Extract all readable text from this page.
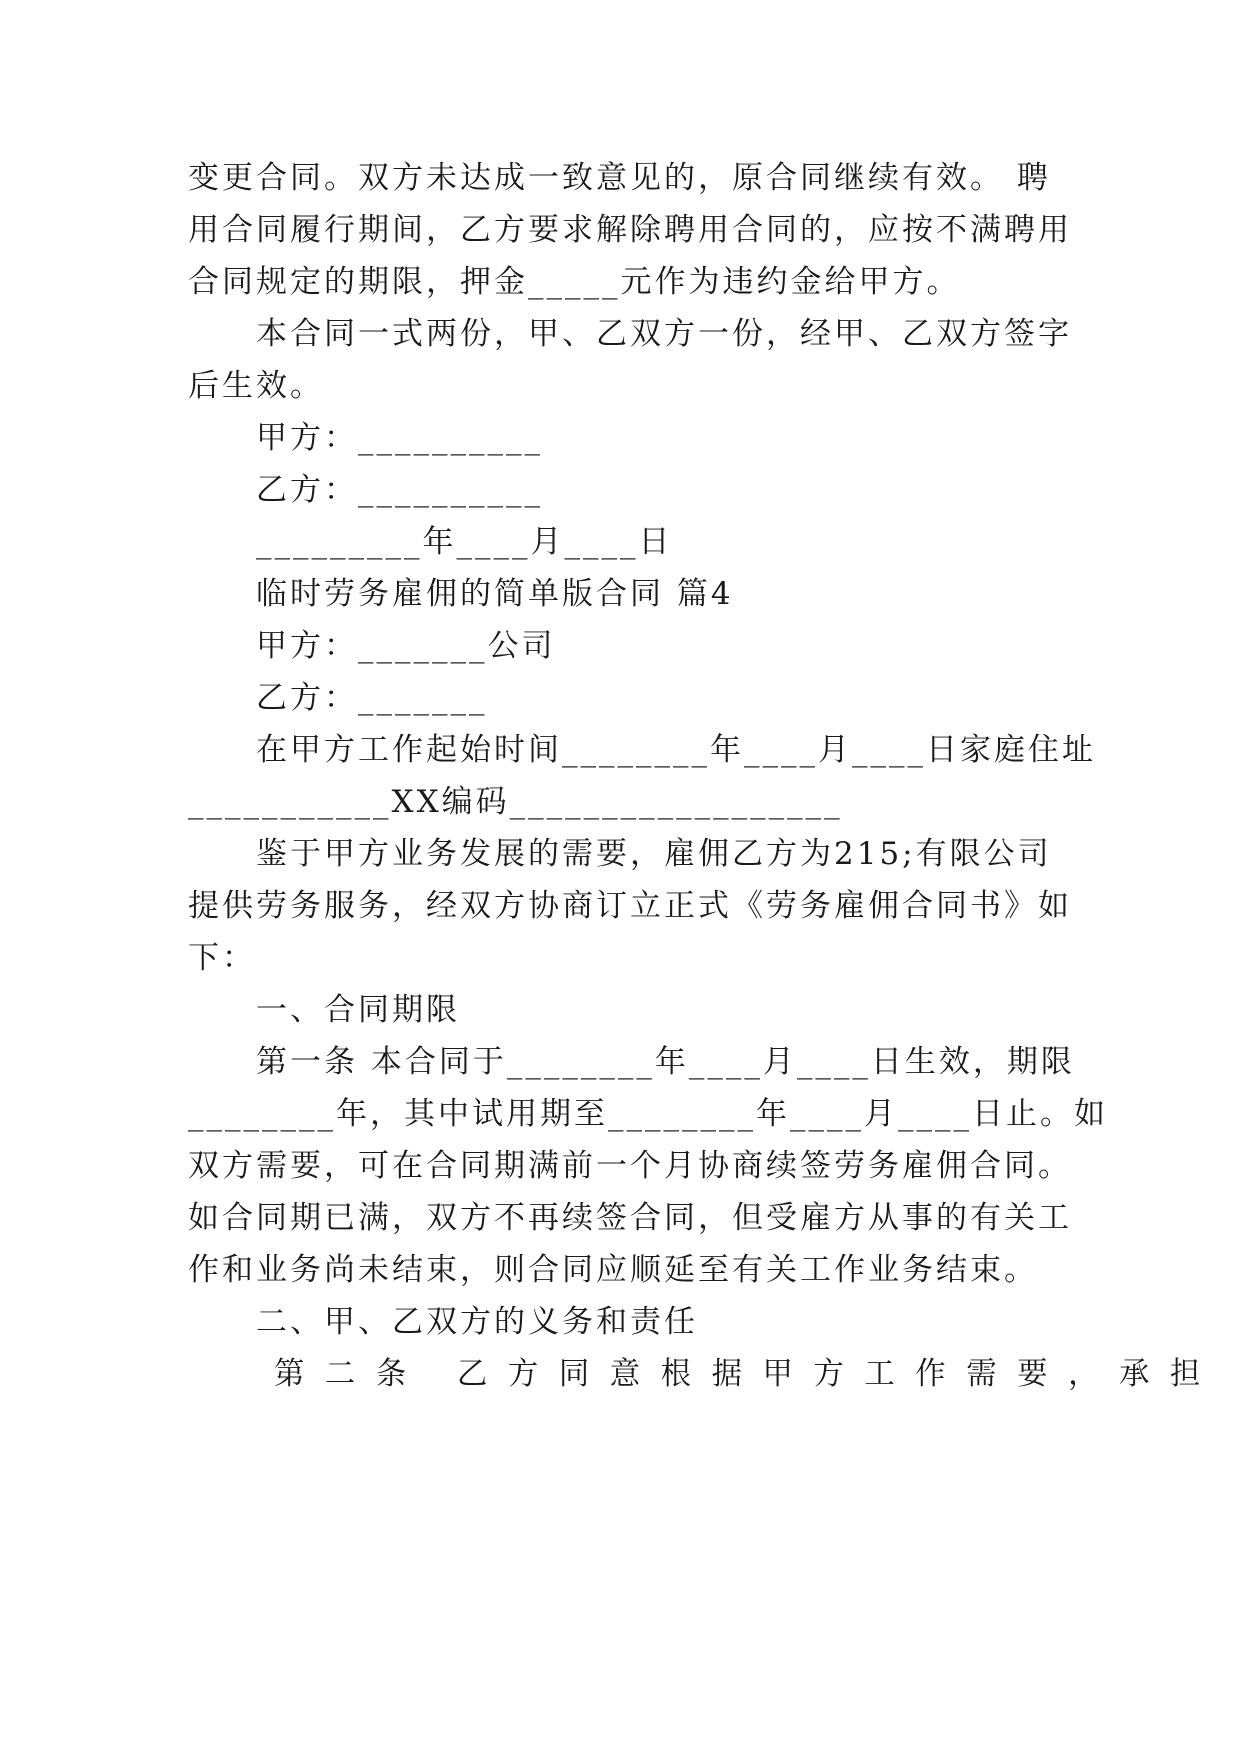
变更合同。双方未达成一致意见的，原合同继续有效。 聘
用合同履行期间，乙方要求解除聘用合同的，应按不满聘用
合同规定的期限，押金_____元作为违约金给甲方。
本合同一式两份，甲、乙双方一份，经甲、乙双方签字
后生效。
甲方：__________
乙方：__________
_________年____月____日
临时劳务雇佣的简单版合同 篇4
甲方：_______公司
乙方：_______
在甲方工作起始时间________年____月____日家庭住址
___________XX编码__________________
鉴于甲方业务发展的需要，雇佣乙方为215;有限公司
提供劳务服务，经双方协商订立正式《劳务雇佣合同书》如
下：
一、合同期限
第一条 本合同于________年____月____日生效，期限
________年，其中试用期至________年____月____日止。如
双方需要，可在合同期满前一个月协商续签劳务雇佣合同。
如合同期已满，双方不再续签合同，但受雇方从事的有关工
作和业务尚未结束，则合同应顺延至有关工作业务结束。
二、甲、乙双方的义务和责任
第二条 乙方同意根据甲方工作需要，承担
